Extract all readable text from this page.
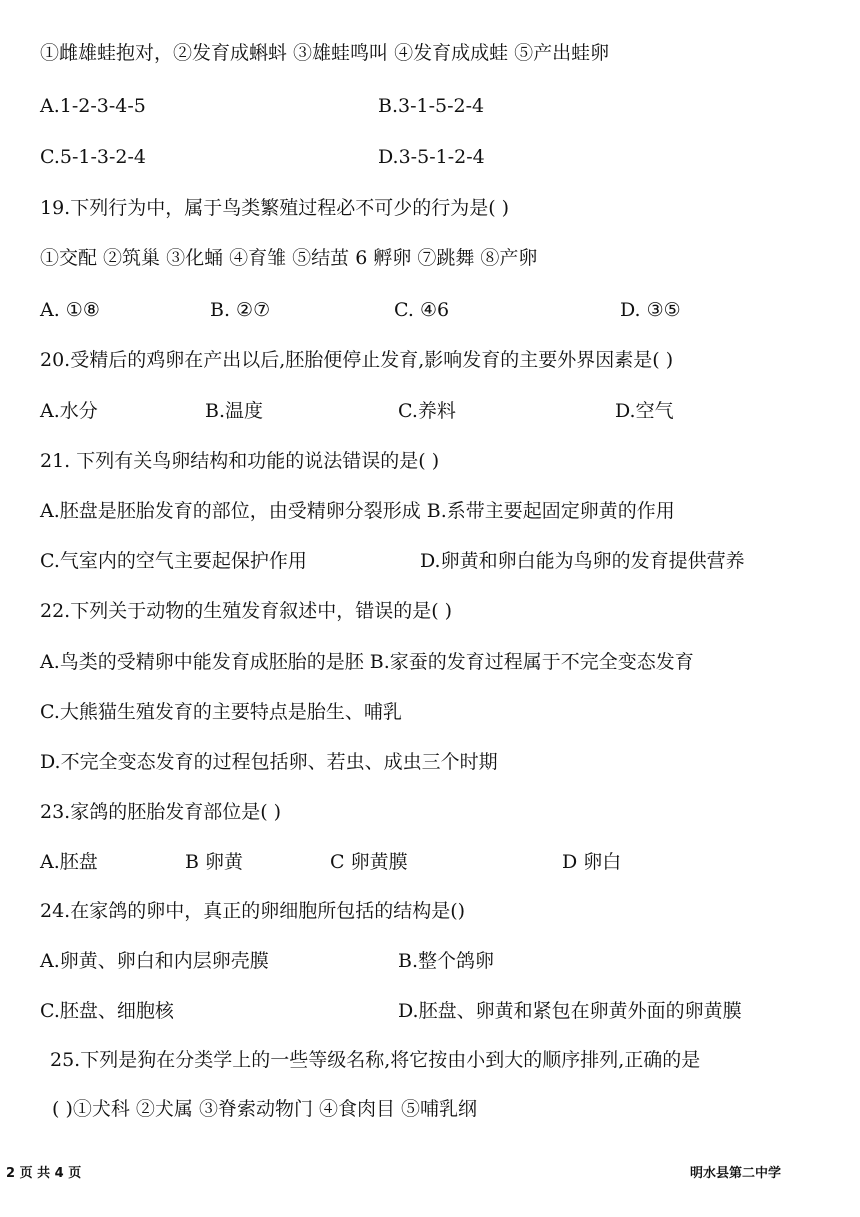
①雌雄蛙抱对，②发育成蝌蚪 ③雄蛙鸣叫 ④发育成成蛙 ⑤产出蛙卵
A.1-2-3-4-5	B.3-1-5-2-4
C.5-1-3-2-4	D.3-5-1-2-4
19.下列行为中，属于鸟类繁殖过程必不可少的行为是( )
①交配 ②筑巢 ③化蛹 ④育雏 ⑤结茧 6 孵卵 ⑦跳舞 ⑧产卵
A. ①⑧	B. ②⑦	C. ④6	D. ③⑤
20.受精后的鸡卵在产出以后,胚胎便停止发育,影响发育的主要外界因素是( )
A.水分	B.温度	C.养料	D.空气
21. 下列有关鸟卵结构和功能的说法错误的是( )
A.胚盘是胚胎发育的部位，由受精卵分裂形成 B.系带主要起固定卵黄的作用
C.气室内的空气主要起保护作用	D.卵黄和卵白能为鸟卵的发育提供营养
22.下列关于动物的生殖发育叙述中，错误的是( )
A.鸟类的受精卵中能发育成胚胎的是胚 B.家蚕的发育过程属于不完全变态发育
C.大熊猫生殖发育的主要特点是胎生、哺乳
D.不完全变态发育的过程包括卵、若虫、成虫三个时期
23.家鸽的胚胎发育部位是( )
A.胚盘	B 卵黄	C 卵黄膜	D 卵白
24.在家鸽的卵中，真正的卵细胞所包括的结构是()
A.卵黄、卵白和内层卵壳膜	B.整个鸽卵
C.胚盘、细胞核	D.胚盘、卵黄和紧包在卵黄外面的卵黄膜
25.下列是狗在分类学上的一些等级名称,将它按由小到大的顺序排列,正确的是
( )①犬科 ②犬属 ③脊索动物门 ④食肉目 ⑤哺乳纲
2 页 共 4 页	明水县第二中学
